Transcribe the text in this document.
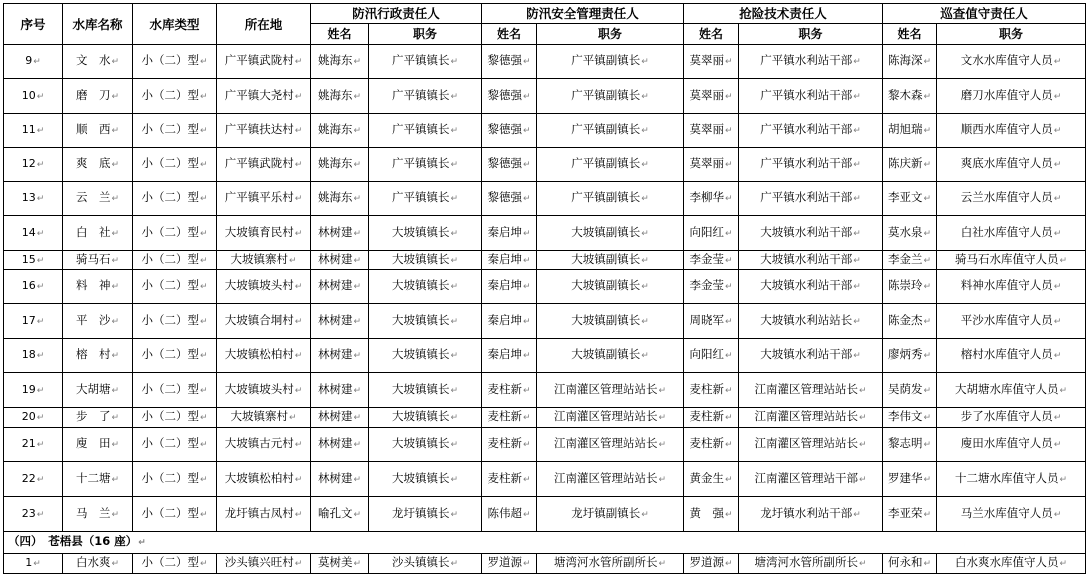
序号	水库名称	水库类型	所在地	防汛行政责任人		防汛安全管理责任人		抢险技术责任人		巡查值守责任人	
				姓名	职务	姓名	职务	姓名	职务	姓名	职务
9↵	文　水↵	小（二）型↵	广平镇武陇村↵	姚海东↵	广平镇镇长↵	黎德强↵	广平镇副镇长↵	莫翠丽↵	广平镇水利站干部↵	陈海深↵	文水水库值守人员↵
10↵	磨　刀↵	小（二）型↵	广平镇大尧村↵	姚海东↵	广平镇镇长↵	黎德强↵	广平镇副镇长↵	莫翠丽↵	广平镇水利站干部↵	黎木森↵	磨刀水库值守人员↵
11↵	顺　西↵	小（二）型↵	广平镇扶达村↵	姚海东↵	广平镇镇长↵	黎德强↵	广平镇副镇长↵	莫翠丽↵	广平镇水利站干部↵	胡旭瑞↵	顺西水库值守人员↵
12↵	爽　底↵	小（二）型↵	广平镇武陇村↵	姚海东↵	广平镇镇长↵	黎德强↵	广平镇副镇长↵	莫翠丽↵	广平镇水利站干部↵	陈庆新↵	爽底水库值守人员↵
13↵	云　兰↵	小（二）型↵	广平镇平乐村↵	姚海东↵	广平镇镇长↵	黎德强↵	广平镇副镇长↵	李柳华↵	广平镇水利站干部↵	李亚文↵	云兰水库值守人员↵
14↵	白　社↵	小（二）型↵	大坡镇育民村↵	林树建↵	大坡镇镇长↵	秦启坤↵	大坡镇副镇长↵	向阳红↵	大坡镇水利站干部↵	莫水泉↵	白社水库值守人员↵
15↵	骑马石↵	小（二）型↵	大坡镇寨村↵	林树建↵	大坡镇镇长↵	秦启坤↵	大坡镇副镇长↵	李金莹↵	大坡镇水利站干部↵	李金兰↵	骑马石水库值守人员↵
16↵	料　神↵	小（二）型↵	大坡镇坡头村↵	林树建↵	大坡镇镇长↵	秦启坤↵	大坡镇副镇长↵	李金莹↵	大坡镇水利站干部↵	陈崇玲↵	料神水库值守人员↵
17↵	平　沙↵	小（二）型↵	大坡镇合垌村↵	林树建↵	大坡镇镇长↵	秦启坤↵	大坡镇副镇长↵	周晓军↵	大坡镇水利站站长↵	陈金杰↵	平沙水库值守人员↵
18↵	榕　村↵	小（二）型↵	大坡镇松柏村↵	林树建↵	大坡镇镇长↵	秦启坤↵	大坡镇副镇长↵	向阳红↵	大坡镇水利站干部↵	廖炳秀↵	榕村水库值守人员↵
19↵	大胡塘↵	小（二）型↵	大坡镇坡头村↵	林树建↵	大坡镇镇长↵	麦柱新↵	江南灌区管理站站长↵	麦柱新↵	江南灌区管理站站长↵	吴荫发↵	大胡塘水库值守人员↵
20↵	步　了↵	小（二）型↵	大坡镇寨村↵	林树建↵	大坡镇镇长↵	麦柱新↵	江南灌区管理站站长↵	麦柱新↵	江南灌区管理站站长↵	李伟文↵	步了水库值守人员↵
21↵	廋　田↵	小（二）型↵	大坡镇古元村↵	林树建↵	大坡镇镇长↵	麦柱新↵	江南灌区管理站站长↵	麦柱新↵	江南灌区管理站站长↵	黎志明↵	廋田水库值守人员↵
22↵	十二塘↵	小（二）型↵	大坡镇松柏村↵	林树建↵	大坡镇镇长↵	麦柱新↵	江南灌区管理站站长↵	黄金生↵	江南灌区管理站干部↵	罗建华↵	十二塘水库值守人员↵
23↵	马　兰↵	小（二）型↵	龙圩镇古凤村↵	喻孔文↵	龙圩镇镇长↵	陈伟超↵	龙圩镇副镇长↵	黄　强↵	龙圩镇水利站干部↵	李亚荣↵	马兰水库值守人员↵
（四）　苍梧县（16 座）↵											
1↵	白水爽↵	小（二）型↵	沙头镇兴旺村↵	莫树美↵	沙头镇镇长↵	罗道源↵	塘湾河水管所副所长↵	罗道源↵	塘湾河水管所副所长↵	何永和↵	白水爽水库值守人员↵
